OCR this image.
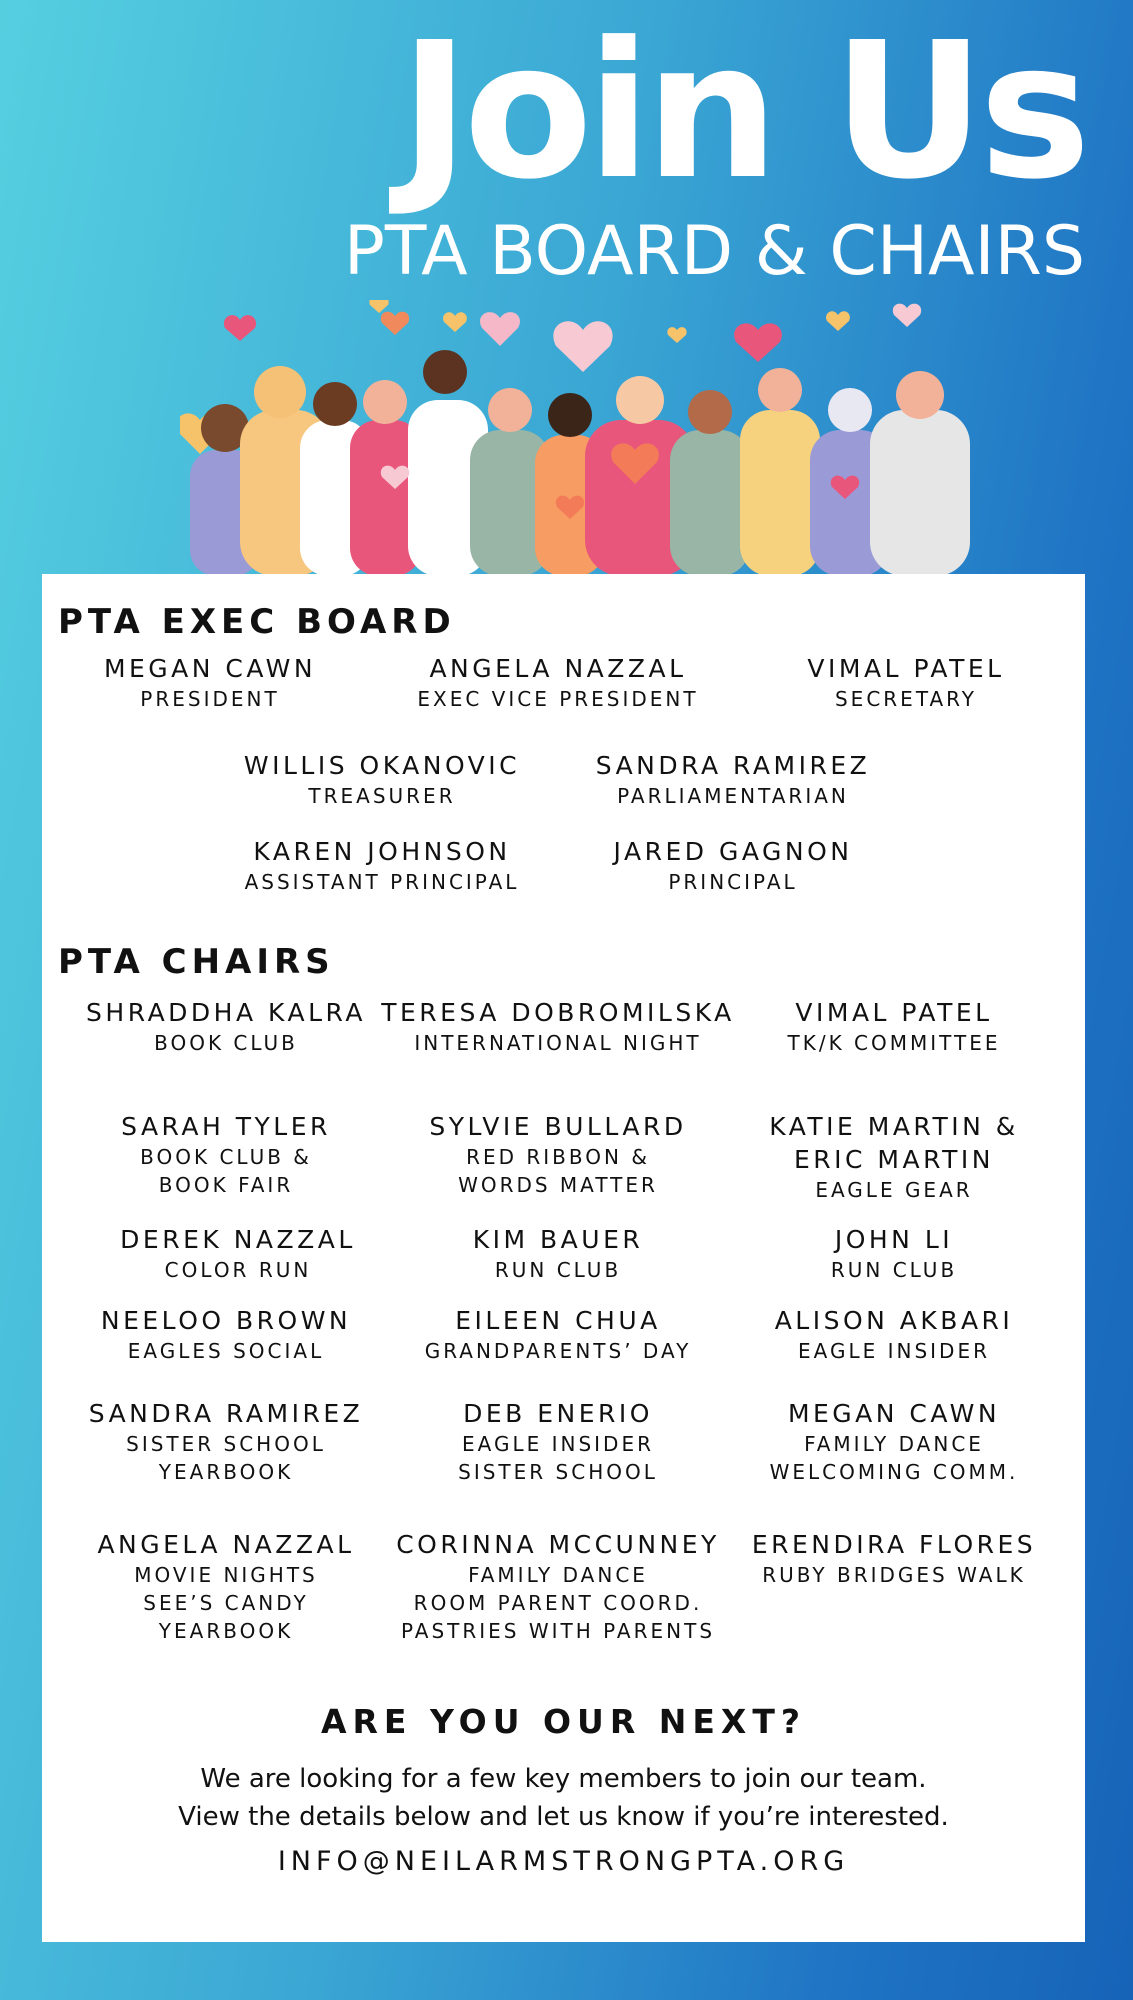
Join Us
PTA BOARD & CHAIRS
PTA EXEC BOARD
MEGAN CAWN
PRESIDENT
ANGELA NAZZAL
EXEC VICE PRESIDENT
VIMAL PATEL
SECRETARY
WILLIS OKANOVIC
TREASURER
SANDRA RAMIREZ
PARLIAMENTARIAN
KAREN JOHNSON
ASSISTANT PRINCIPAL
JARED GAGNON
PRINCIPAL
PTA CHAIRS
SHRADDHA KALRA
BOOK CLUB
TERESA DOBROMILSKA
INTERNATIONAL NIGHT
VIMAL PATEL
TK/K COMMITTEE
SARAH TYLER
BOOK CLUB &
BOOK FAIR
SYLVIE BULLARD
RED RIBBON &
WORDS MATTER
KATIE MARTIN &
ERIC MARTIN
EAGLE GEAR
DEREK NAZZAL
COLOR RUN
KIM BAUER
RUN CLUB
JOHN LI
RUN CLUB
NEELOO BROWN
EAGLES SOCIAL
EILEEN CHUA
GRANDPARENTS’ DAY
ALISON AKBARI
EAGLE INSIDER
SANDRA RAMIREZ
SISTER SCHOOL
YEARBOOK
DEB ENERIO
EAGLE INSIDER
SISTER SCHOOL
MEGAN CAWN
FAMILY DANCE
WELCOMING COMM.
ANGELA NAZZAL
MOVIE NIGHTS
SEE’S CANDY
YEARBOOK
CORINNA MCCUNNEY
FAMILY DANCE
ROOM PARENT COORD.
PASTRIES WITH PARENTS
ERENDIRA FLORES
RUBY BRIDGES WALK
ARE YOU OUR NEXT?
We are looking for a few key members to join our team.
View the details below and let us know if you’re interested.
INFO@NEILARMSTRONGPTA.ORG
